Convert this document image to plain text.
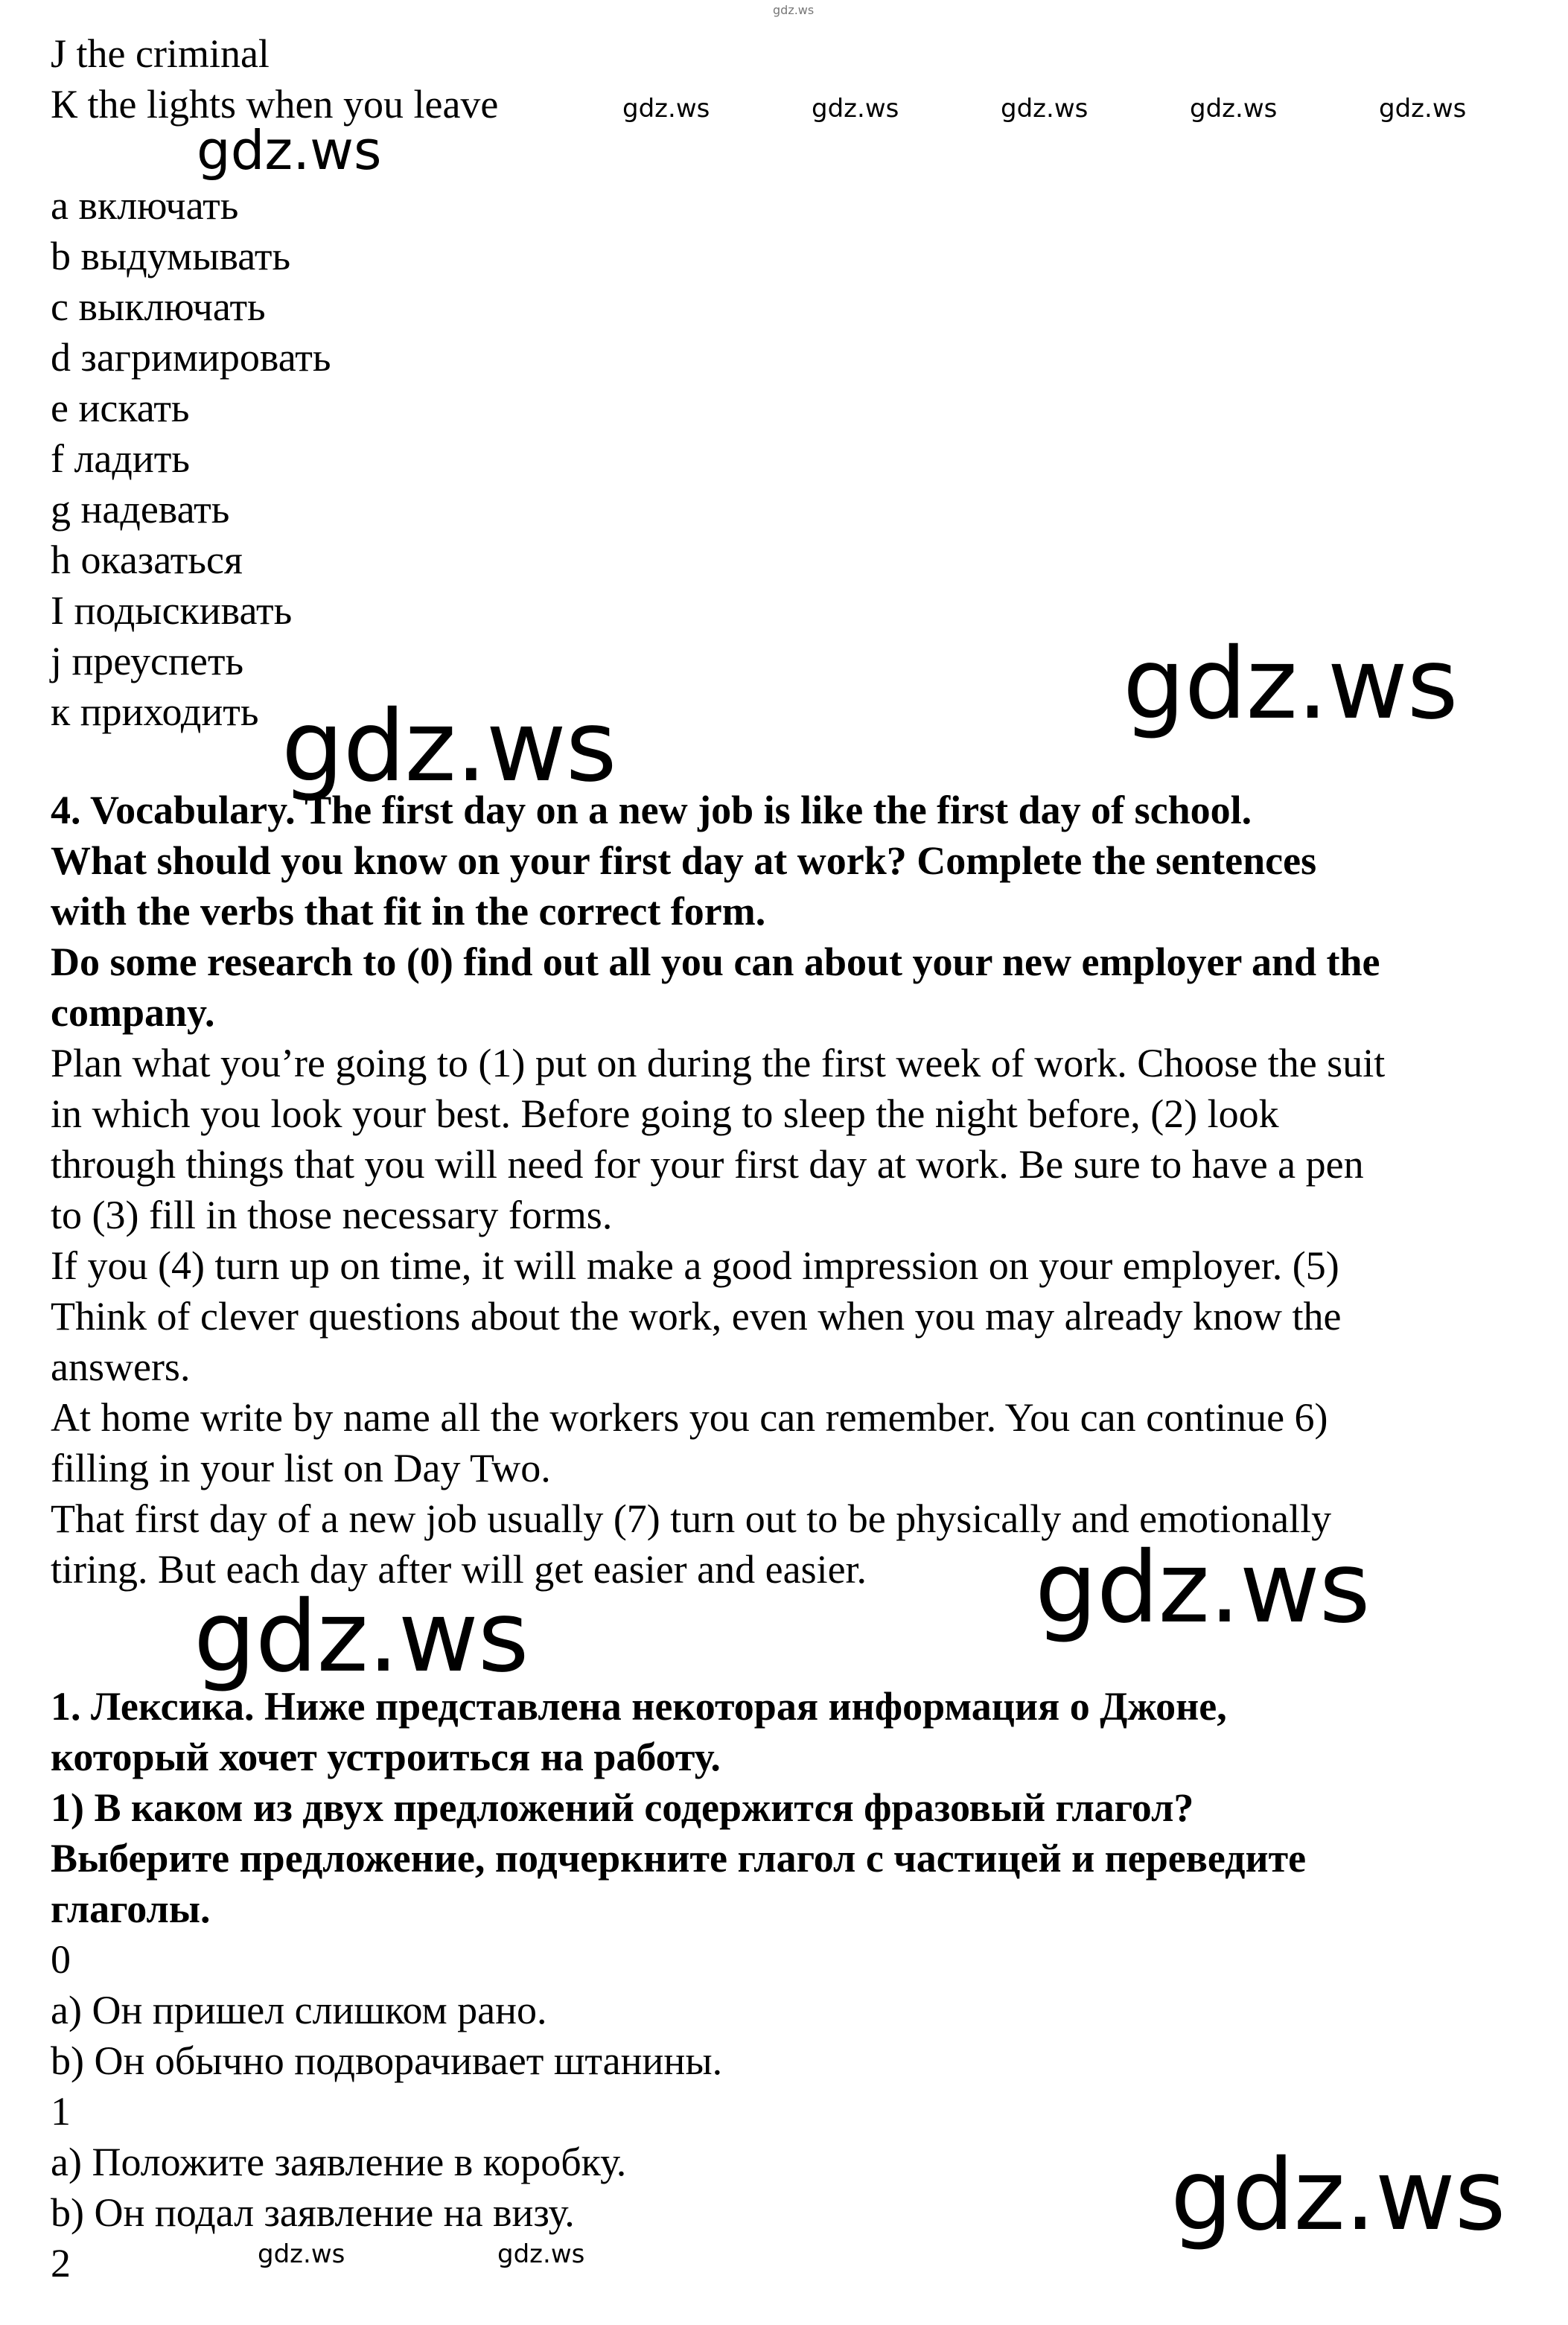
gdz.ws

J the criminal

К the lights when you leave	gdz.ws	gdz.ws	gdz.ws	gdz.ws	gdz.ws
gdz.ws

a включать

b выдумывать

c выключать

d загримировать

e искать

f ладить

g надевать

h оказаться

I подыскивать

j преуспеть

к приходить	gdz.ws
gdz.ws

4. Vocabulary. The first day on a new job is like the first day of school.

What should you know on your first day at work? Complete the sentences

with the verbs that fit in the correct form.

Do some research to (0) find out all you can about your new employer and the

company.

Plan what you’re going to (1) put on during the first week of work. Choose the suit

in which you look your best. Before going to sleep the night before, (2) look

through things that you will need for your first day at work. Be sure to have a pen

to (3) fill in those necessary forms.

If you (4) turn up on time, it will make a good impression on your employer. (5)

Think of clever questions about the work, even when you may already know the

answers.

At home write by name all the workers you can remember. You can continue 6)

filling in your list on Day Two.

That first day of a new job usually (7) turn out to be physically and emotionally

tiring. But each day after will get easier and easier.	gdz.ws
gdz.ws

1. Лексика. Ниже представлена некоторая информация о Джоне,

который хочет устроиться на работу.

1) В каком из двух предложений содержится фразовый глагол?

Выберите предложение, подчеркните глагол с частицей и переведите

глаголы.

0

a) Он пришел слишком рано.

b) Он обычно подворачивает штанины.

1

a) Положите заявление в коробку.

b) Он подал заявление на визу.

2

gdz.ws
gdz.ws	gdz.ws
